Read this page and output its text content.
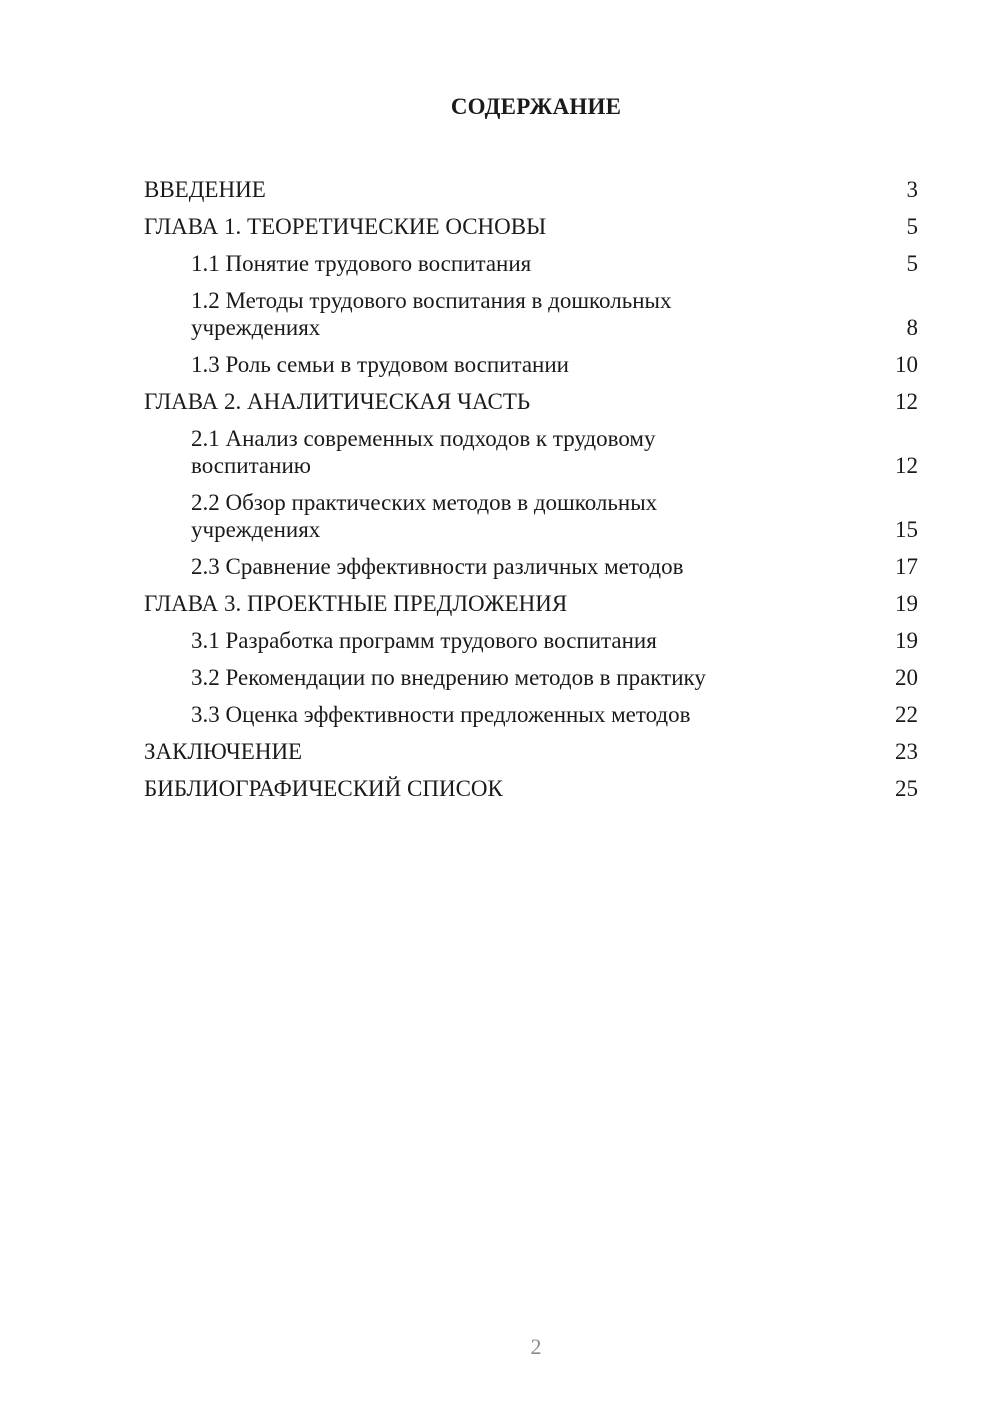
СОДЕРЖАНИЕ
ВВЕДЕНИЕ	3
ГЛАВА 1. ТЕОРЕТИЧЕСКИЕ ОСНОВЫ	5
1.1 Понятие трудового воспитания	5
1.2 Методы трудового воспитания в дошкольных учреждениях	8
1.3 Роль семьи в трудовом воспитании	10
ГЛАВА 2. АНАЛИТИЧЕСКАЯ ЧАСТЬ	12
2.1 Анализ современных подходов к трудовому воспитанию	12
2.2 Обзор практических методов в дошкольных учреждениях	15
2.3 Сравнение эффективности различных методов	17
ГЛАВА 3. ПРОЕКТНЫЕ ПРЕДЛОЖЕНИЯ	19
3.1 Разработка программ трудового воспитания	19
3.2 Рекомендации по внедрению методов в практику	20
3.3 Оценка эффективности предложенных методов	22
ЗАКЛЮЧЕНИЕ	23
БИБЛИОГРАФИЧЕСКИЙ СПИСОК	25
2
